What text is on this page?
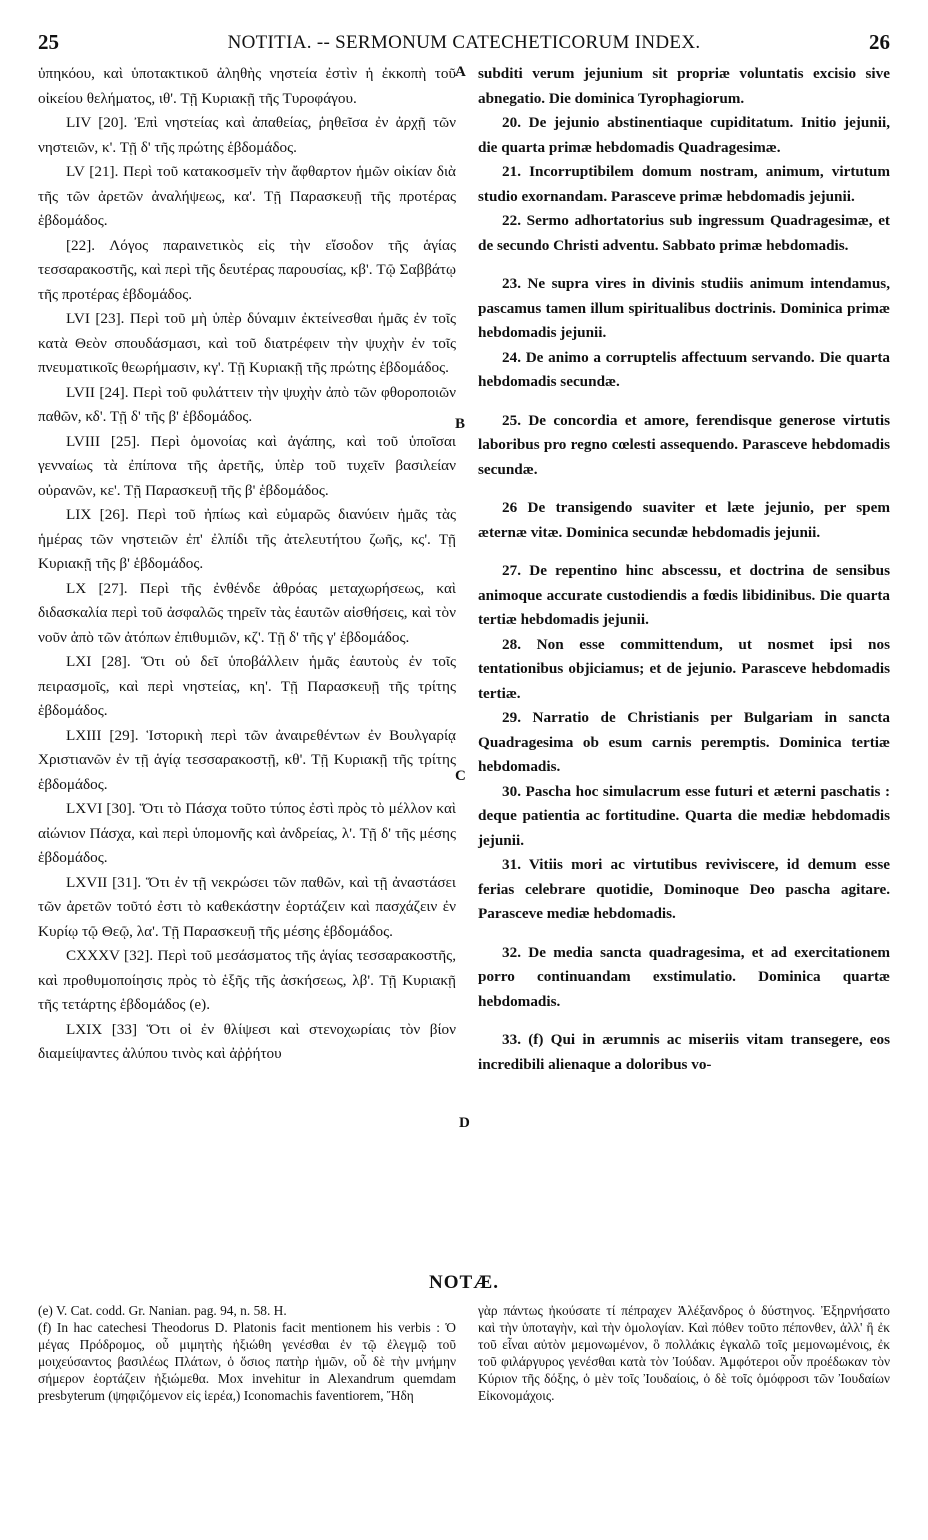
25	NOTITIA. -- SERMONUM CATECHETICORUM INDEX.	26

ὑπηκόου, καὶ ὑποτακτικοῦ ἀληθὴς νηστεία ἐστὶν ἡ ἐκκοπὴ τοῦ οἰκείου θελήματος, ιθ'. Τῇ Κυριακῇ τῆς Τυροφάγου.

LIV [20]. Ἐπὶ νηστείας καὶ ἀπαθείας, ῥηθεῖσα ἐν ἀρχῇ τῶν νηστειῶν, κ'. Τῇ δ' τῆς πρώτης ἑβδομάδος.

LV [21]. Περὶ τοῦ κατακοσμεῖν τὴν ἄφθαρτον ἡμῶν οἰκίαν διὰ τῆς τῶν ἀρετῶν ἀναλήψεως, κα'. Τῇ Παρασκευῇ τῆς προτέρας ἑβδομάδος.

[22]. Λόγος παραινετικὸς εἰς τὴν εἴσοδον τῆς ἁγίας τεσσαρακοστῆς, καὶ περὶ τῆς δευτέρας παρουσίας, κβ'. Τῷ Σαββάτῳ τῆς προτέρας ἑβδομάδος.

LVI [23]. Περὶ τοῦ μὴ ὑπὲρ δύναμιν ἐκτείνεσθαι ἡμᾶς ἐν τοῖς κατὰ Θεὸν σπουδάσμασι, καὶ τοῦ διατρέφειν τὴν ψυχὴν ἐν τοῖς πνευματικοῖς θεωρήμασιν, κγ'. Τῇ Κυριακῇ τῆς πρώτης ἑβδομάδος.

LVII [24]. Περὶ τοῦ φυλάττειν τὴν ψυχὴν ἀπὸ τῶν φθοροποιῶν παθῶν, κδ'. Τῇ δ' τῆς β' ἑβδομάδος.

LVIII [25]. Περὶ ὁμονοίας καὶ ἀγάπης, καὶ τοῦ ὑποῖσαι γενναίως τὰ ἐπίπονα τῆς ἀρετῆς, ὑπὲρ τοῦ τυχεῖν βασιλείαν οὐρανῶν, κε'. Τῇ Παρασκευῇ τῆς β' ἑβδομάδος.

LIX [26]. Περὶ τοῦ ἠπίως καὶ εὐμαρῶς διανύειν ἡμᾶς τὰς ἡμέρας τῶν νηστειῶν ἐπ' ἐλπίδι τῆς ἀτελευτήτου ζωῆς, κς'. Τῇ Κυριακῇ τῆς β' ἑβδομάδος.

LX [27]. Περὶ τῆς ἐνθένδε ἀθρόας μεταχωρήσεως, καὶ διδασκαλία περὶ τοῦ ἀσφαλῶς τηρεῖν τὰς ἑαυτῶν αἰσθήσεις, καὶ τὸν νοῦν ἀπὸ τῶν ἀτόπων ἐπιθυμιῶν, κζ'. Τῇ δ' τῆς γ' ἑβδομάδος.

LXI [28]. Ὅτι οὐ δεῖ ὑποβάλλειν ἡμᾶς ἑαυτοὺς ἐν τοῖς πειρασμοῖς, καὶ περὶ νηστείας, κη'. Τῇ Παρασκευῇ τῆς τρίτης ἑβδομάδος.

LXIII [29]. Ἱστορικὴ περὶ τῶν ἀναιρεθέντων ἐν Βουλγαρίᾳ Χριστιανῶν ἐν τῇ ἁγίᾳ τεσσαρακοστῇ, κθ'. Τῇ Κυριακῇ τῆς τρίτης ἑβδομάδος.

LXVI [30]. Ὅτι τὸ Πάσχα τοῦτο τύπος ἐστὶ πρὸς τὸ μέλλον καὶ αἰώνιον Πάσχα, καὶ περὶ ὑπομονῆς καὶ ἀνδρείας, λ'. Τῇ δ' τῆς μέσης ἑβδομάδος.

LXVII [31]. Ὅτι ἐν τῇ νεκρώσει τῶν παθῶν, καὶ τῇ ἀναστάσει τῶν ἀρετῶν τοῦτό ἐστι τὸ καθεκάστην ἑορτάζειν καὶ πασχάζειν ἐν Κυρίῳ τῷ Θεῷ, λα'. Τῇ Παρασκευῇ τῆς μέσης ἑβδομάδος.

CXXXV [32]. Περὶ τοῦ μεσάσματος τῆς ἁγίας τεσσαρακοστῆς, καὶ προθυμοποίησις πρὸς τὸ ἑξῆς τῆς ἀσκήσεως, λβ'. Τῇ Κυριακῇ τῆς τετάρτης ἑβδομάδος (e).

LXIX [33] Ὅτι οἱ ἐν θλίψεσι καὶ στενοχωρίαις τὸν βίον διαμείψαντες ἀλύπου τινὸς καὶ ἀῤῥήτου

subditi verum jejunium sit propriæ voluntatis excisio sive abnegatio. Die dominica Tyrophagiorum.

20. De jejunio abstinentiaque cupiditatum. Initio jejunii, die quarta primæ hebdomadis Quadragesimæ.

21. Incorruptibilem domum nostram, animum, virtutum studio exornandam. Parasceve primæ hebdomadis jejunii.

22. Sermo adhortatorius sub ingressum Quadragesimæ, et de secundo Christi adventu. Sabbato primæ hebdomadis.

23. Ne supra vires in divinis studiis animum intendamus, pascamus tamen illum spiritualibus doctrinis. Dominica primæ hebdomadis jejunii.

24. De animo a corruptelis affectuum servando. Die quarta hebdomadis secundæ.

25. De concordia et amore, ferendisque generose virtutis laboribus pro regno cœlesti assequendo. Parasceve hebdomadis secundæ.

26 De transigendo suaviter et læte jejunio, per spem æternæ vitæ. Dominica secundæ hebdomadis jejunii.

27. De repentino hinc abscessu, et doctrina de sensibus animoque accurate custodiendis a fœdis libidinibus. Die quarta tertiæ hebdomadis jejunii.

28. Non esse committendum, ut nosmet ipsi nos tentationibus objiciamus; et de jejunio. Parasceve hebdomadis tertiæ.

29. Narratio de Christianis per Bulgariam in sancta Quadragesima ob esum carnis peremptis. Dominica tertiæ hebdomadis.

30. Pascha hoc simulacrum esse futuri et æterni paschatis : deque patientia ac fortitudine. Quarta die mediæ hebdomadis jejunii.

31. Vitiis mori ac virtutibus reviviscere, id demum esse ferias celebrare quotidie, Dominoque Deo pascha agitare. Parasceve mediæ hebdomadis.

32. De media sancta quadragesima, et ad exercitationem porro continuandam exstimulatio. Dominica quartæ hebdomadis.

33. (f) Qui in ærumnis ac miseriis vitam transegere, eos incredibili alienaque a doloribus vo-

A
B
C
D
NOTÆ.

(e) V. Cat. codd. Gr. Nanian. pag. 94, n. 58. H.

(f) In hac catechesi Theodorus D. Platonis facit mentionem his verbis : Ὁ μέγας Πρόδρομος, οὗ μιμητὴς ἠξιώθη γενέσθαι ἐν τῷ ἐλεγμῷ τοῦ μοιχεύσαντος βασιλέως Πλάτων, ὁ ὅσιος πατὴρ ἡμῶν, οὗ δὲ τὴν μνήμην σήμερον ἑορτάζειν ἠξιώμεθα. Mox invehitur in Alexandrum quemdam presbyterum (ψηφιζόμενον εἰς ἱερέα,) Iconomachis faventiorem, Ἤδη

γὰρ πάντως ἠκούσατε τί πέπραχεν Ἀλέξανδρος ὁ δύστηνος. Ἐξηρνήσατο καὶ τὴν ὑποταγὴν, καὶ τὴν ὁμολογίαν. Καὶ πόθεν τοῦτο πέπονθεν, ἀλλ' ἢ ἐκ τοῦ εἶναι αὐτὸν μεμονωμένον, ὃ πολλάκις ἐγκαλῶ τοῖς μεμονωμένοις, ἐκ τοῦ φιλάργυρος γενέσθαι κατὰ τὸν Ἰούδαν. Ἀμφότεροι οὖν προέδωκαν τὸν Κύριον τῆς δόξης, ὁ μὲν τοῖς Ἰουδαίοις, ὁ δὲ τοῖς ὁμόφροσι τῶν Ἰουδαίων Εἰκονομάχοις.
